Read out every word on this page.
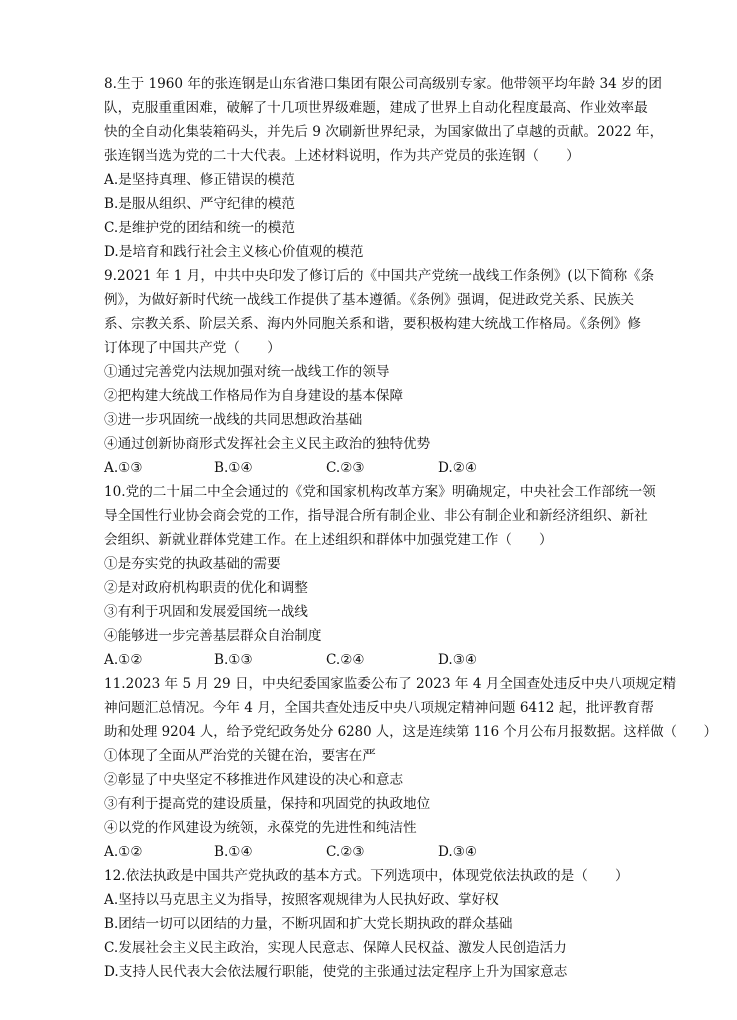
8.生于 1960 年的张连钢是山东省港口集团有限公司高级别专家。他带领平均年龄 34 岁的团
队，克服重重困难，破解了十几项世界级难题，建成了世界上自动化程度最高、作业效率最
快的全自动化集装箱码头，并先后 9 次刷新世界纪录，为国家做出了卓越的贡献。2022 年，
张连钢当选为党的二十大代表。上述材料说明，作为共产党员的张连钢（　　）
A.是坚持真理、修正错误的模范
B.是服从组织、严守纪律的模范
C.是维护党的团结和统一的模范
D.是培育和践行社会主义核心价值观的模范
9.2021 年 1 月，中共中央印发了修订后的《中国共产党统一战线工作条例》(以下简称《条
例》，为做好新时代统一战线工作提供了基本遵循。《条例》强调，促进政党关系、民族关
系、宗教关系、阶层关系、海内外同胞关系和谐，要积极构建大统战工作格局。《条例》修
订体现了中国共产党（　　）
①通过完善党内法规加强对统一战线工作的领导
②把构建大统战工作格局作为自身建设的基本保障
③进一步巩固统一战线的共同思想政治基础
④通过创新协商形式发挥社会主义民主政治的独特优势
A.①③	B.①④	C.②③	D.②④
10.党的二十届二中全会通过的《党和国家机构改革方案》明确规定，中央社会工作部统一领
导全国性行业协会商会党的工作，指导混合所有制企业、非公有制企业和新经济组织、新社
会组织、新就业群体党建工作。在上述组织和群体中加强党建工作（　　）
①是夯实党的执政基础的需要
②是对政府机构职责的优化和调整
③有利于巩固和发展爱国统一战线
④能够进一步完善基层群众自治制度
A.①②	B.①③	C.②④	D.③④
11.2023 年 5 月 29 日，中央纪委国家监委公布了 2023 年 4 月全国查处违反中央八项规定精
神问题汇总情况。今年 4 月，全国共查处违反中央八项规定精神问题 6412 起，批评教育帮
助和处理 9204 人，给予党纪政务处分 6280 人，这是连续第 116 个月公布月报数据。这样做（　　）
①体现了全面从严治党的关键在治，要害在严
②彰显了中央坚定不移推进作风建设的决心和意志
③有利于提高党的建设质量，保持和巩固党的执政地位
④以党的作风建设为统领，永葆党的先进性和纯洁性
A.①②	B.①④	C.②③	D.③④
12.依法执政是中国共产党执政的基本方式。下列选项中，体现党依法执政的是（　　）
A.坚持以马克思主义为指导，按照客观规律为人民执好政、掌好权
B.团结一切可以团结的力量，不断巩固和扩大党长期执政的群众基础
C.发展社会主义民主政治，实现人民意志、保障人民权益、激发人民创造活力
D.支持人民代表大会依法履行职能，使党的主张通过法定程序上升为国家意志
